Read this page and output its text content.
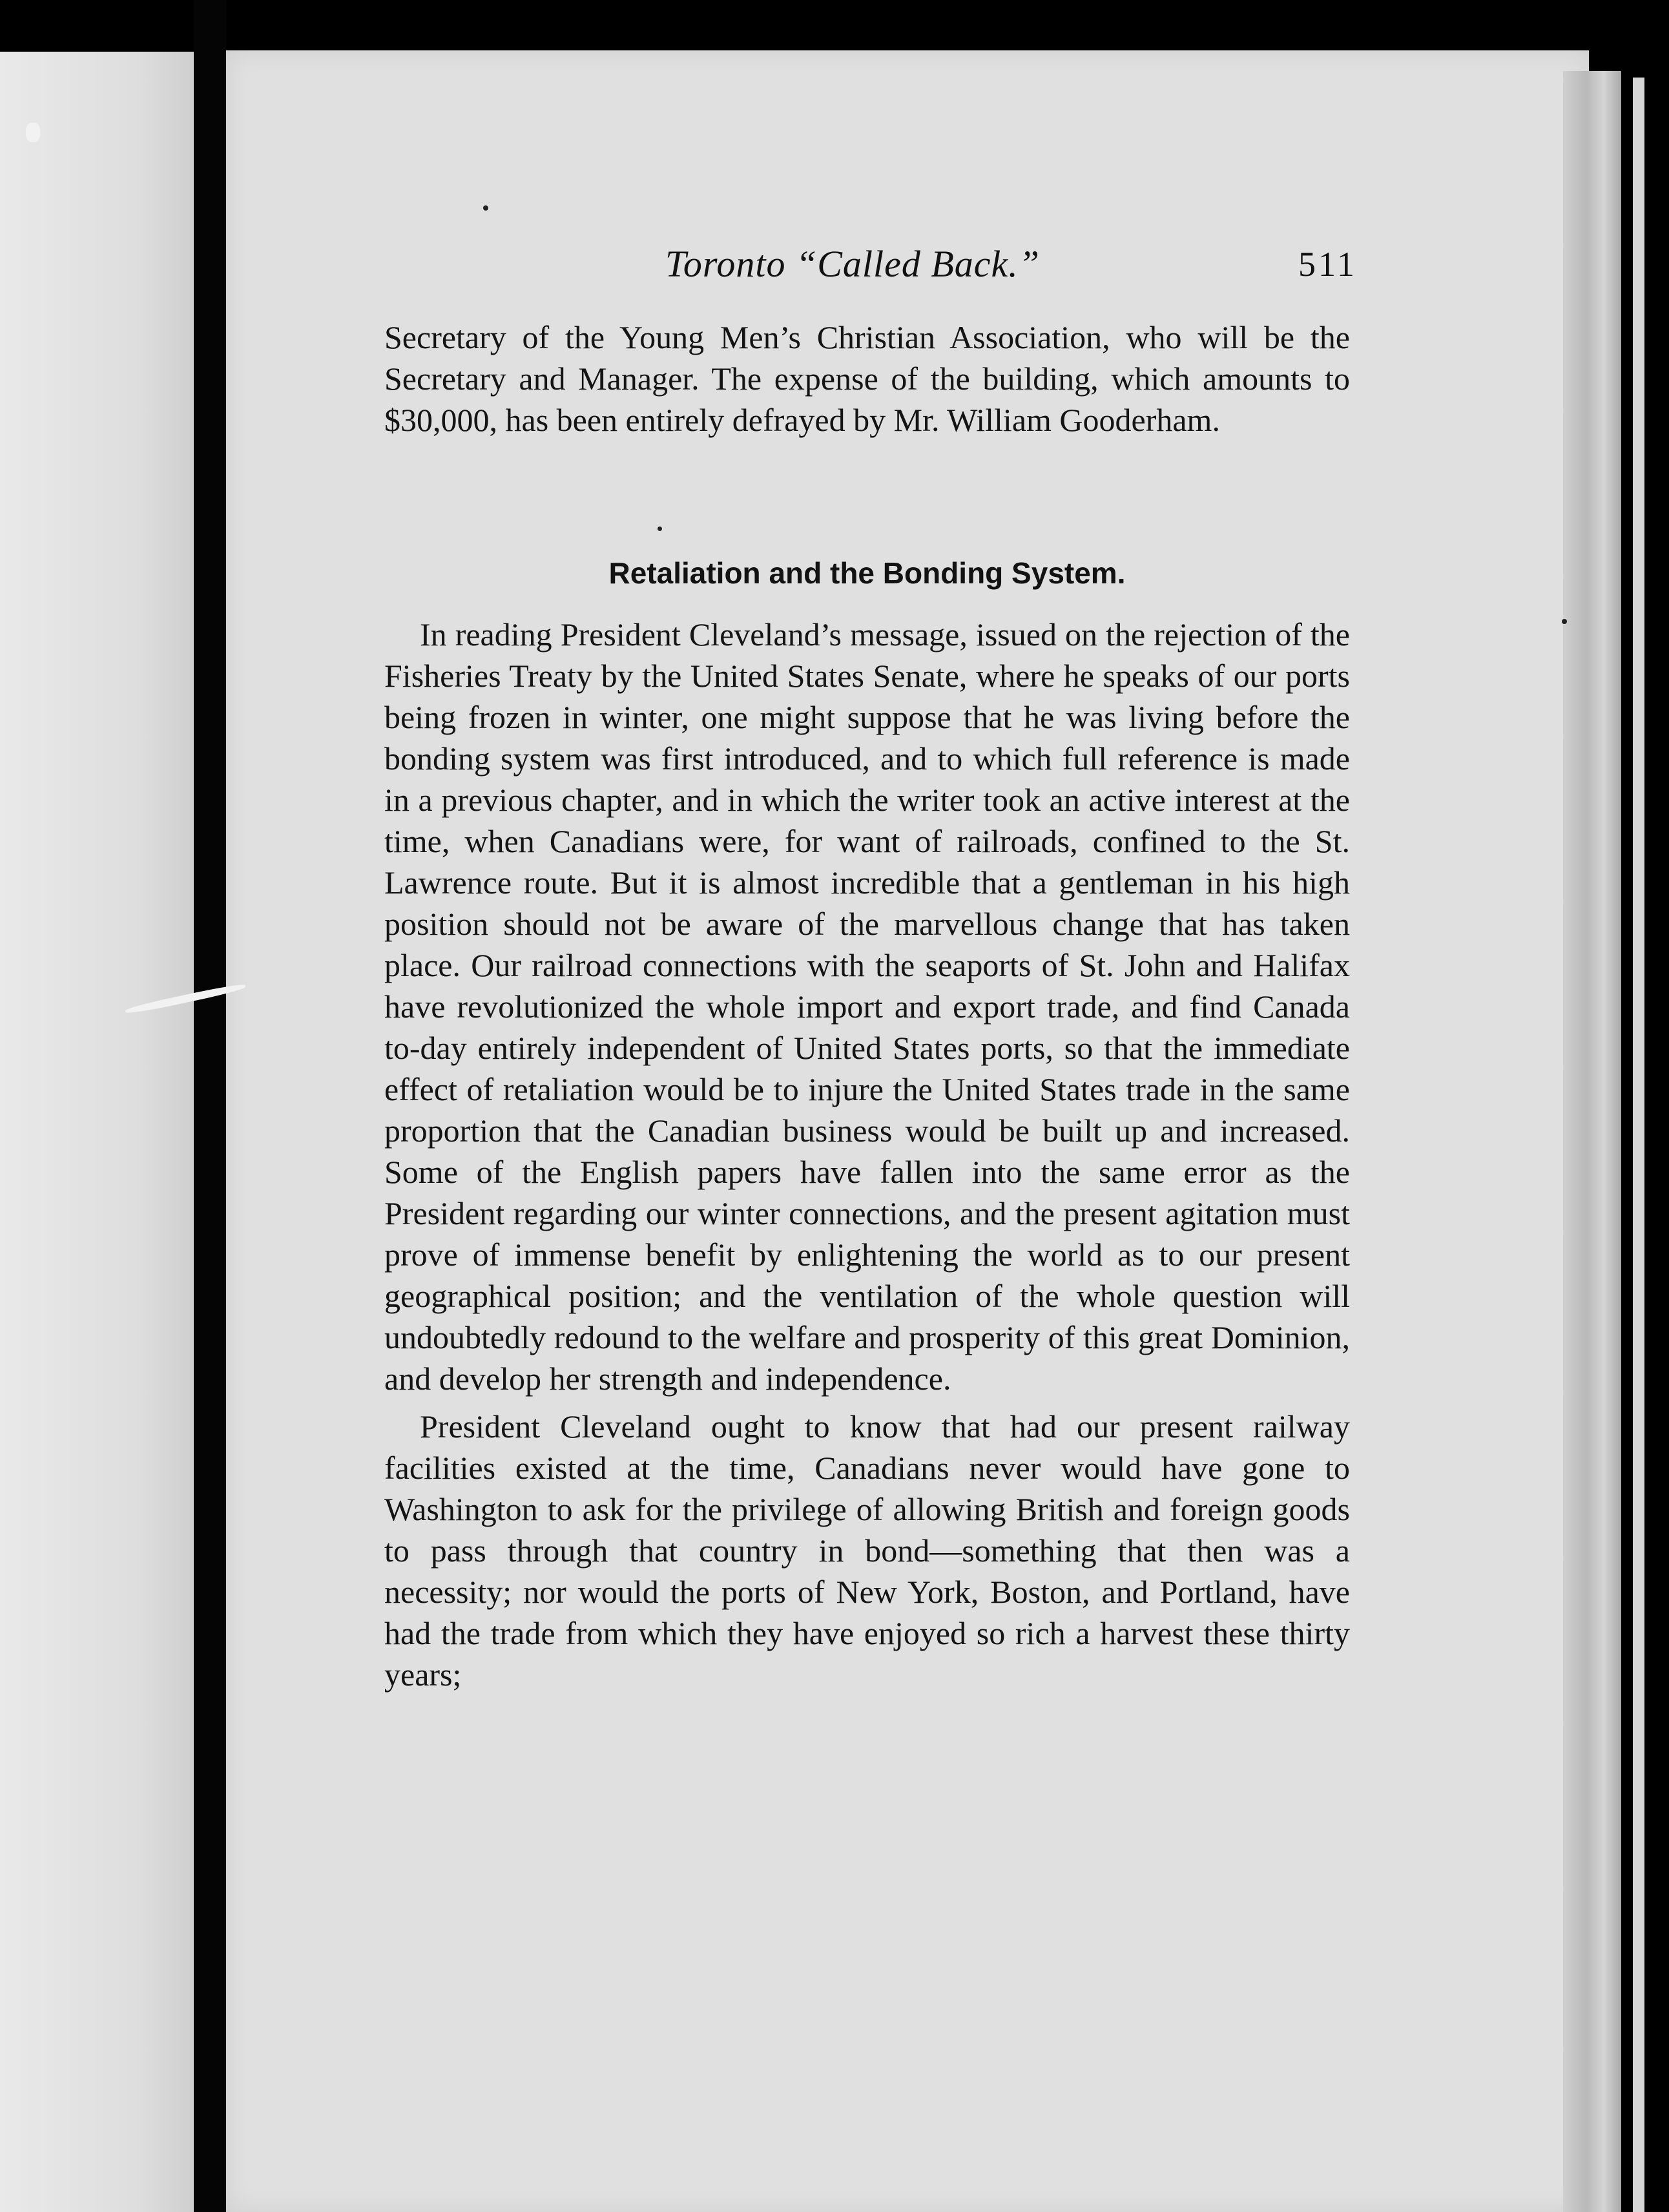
Toronto “Called Back.”	511

Secretary of the Young Men’s Christian Association, who will be the Secretary and Manager. The expense of the building, which amounts to $30,000, has been entirely defrayed by Mr. William Gooderham.

Retaliation and the Bonding System.

In reading President Cleveland’s message, issued on the rejection of the Fisheries Treaty by the United States Senate, where he speaks of our ports being frozen in winter, one might suppose that he was living before the bonding system was first introduced, and to which full reference is made in a previous chapter, and in which the writer took an active interest at the time, when Canadians were, for want of railroads, confined to the St. Lawrence route. But it is almost incredible that a gentleman in his high position should not be aware of the marvellous change that has taken place. Our railroad connections with the seaports of St. John and Halifax have revolutionized the whole import and export trade, and find Canada to-day entirely independent of United States ports, so that the immediate effect of retaliation would be to injure the United States trade in the same proportion that the Canadian business would be built up and increased. Some of the English papers have fallen into the same error as the President regarding our winter connections, and the present agitation must prove of immense benefit by enlightening the world as to our present geographical position; and the ventilation of the whole question will undoubtedly redound to the welfare and prosperity of this great Dominion, and develop her strength and independence.

President Cleveland ought to know that had our present railway facilities existed at the time, Canadians never would have gone to Washington to ask for the privilege of allowing British and foreign goods to pass through that country in bond—something that then was a necessity; nor would the ports of New York, Boston, and Portland, have had the trade from which they have enjoyed so rich a harvest these thirty years;
